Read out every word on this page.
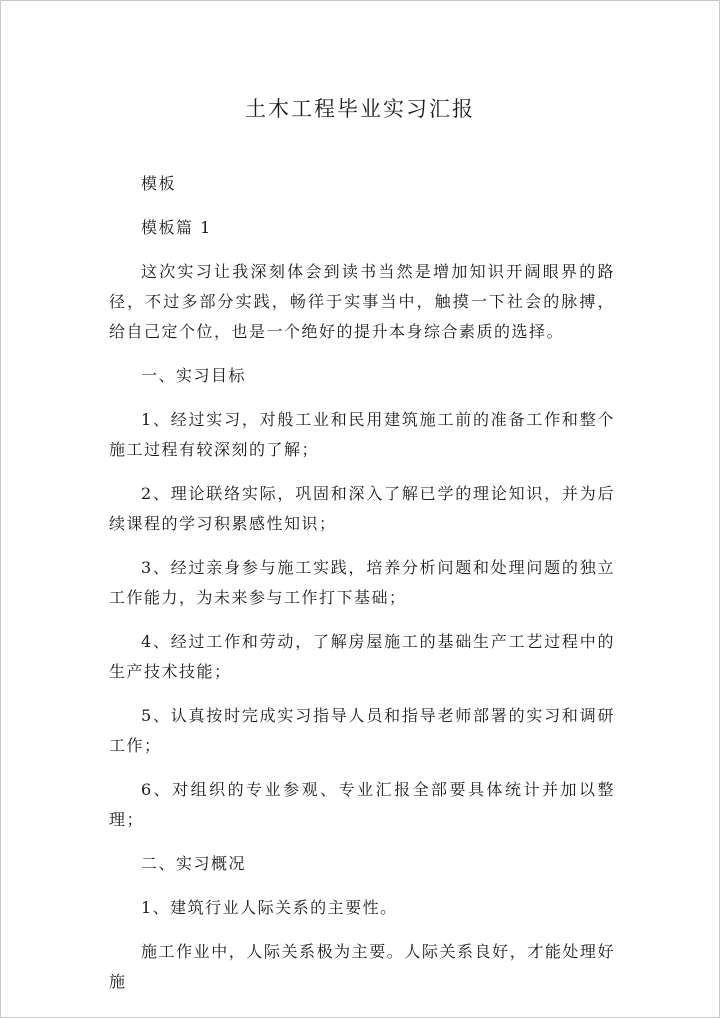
土木工程毕业实习汇报

模板

模板篇 1

这次实习让我深刻体会到读书当然是增加知识开阔眼界的路径，不过多部分实践，畅徉于实事当中，触摸一下社会的脉搏，给自己定个位，也是一个绝好的提升本身综合素质的选择。

一、实习目标

1、经过实习，对般工业和民用建筑施工前的准备工作和整个施工过程有较深刻的了解；

2、理论联络实际，巩固和深入了解已学的理论知识，并为后续课程的学习积累感性知识；

3、经过亲身参与施工实践，培养分析问题和处理问题的独立工作能力，为未来参与工作打下基础；

4、经过工作和劳动，了解房屋施工的基础生产工艺过程中的生产技术技能；

5、认真按时完成实习指导人员和指导老师部署的实习和调研工作；

6、对组织的专业参观、专业汇报全部要具体统计并加以整理；

二、实习概况

1、建筑行业人际关系的主要性。

施工作业中，人际关系极为主要。人际关系良好，才能处理好施
